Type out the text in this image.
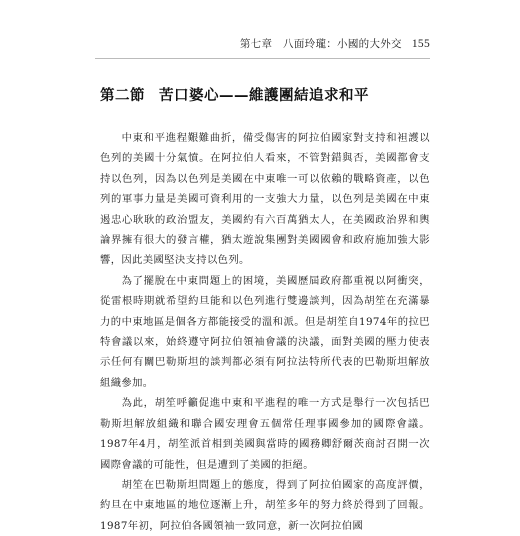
第七章　八面玲瓏：小國的大外交 155
第二節 苦口婆心——維護團結追求和平

中東和平進程艱難曲折，備受傷害的阿拉伯國家對支持和袒護以色列的美國十分氣憤。在阿拉伯人看來，不管對錯與否，美國都會支持以色列，因為以色列是美國在中東唯一可以依賴的戰略資產，以色列的軍事力量是美國可資利用的一支強大力量，以色列是美國在中東遏忠心耿耿的政治盟友，美國約有六百萬猶太人，在美國政治界和輿論界擁有很大的發言權，猶太遊說集團對美國國會和政府施加強大影響，因此美國堅決支持以色列。

為了擺脫在中東問題上的困境，美國歷屆政府都重視以阿衝突，從雷根時期就希望約旦能和以色列進行雙邊談判，因為胡笙在充滿暴力的中東地區是個各方都能接受的溫和派。但是胡笙自1974年的拉巴特會議以來，始終遵守阿拉伯領袖會議的決議，面對美國的壓力使表示任何有關巴勒斯坦的談判都必須有阿拉法特所代表的巴勒斯坦解放組織參加。

為此，胡笙呼籲促進中東和平進程的唯一方式是舉行一次包括巴勒斯坦解放組織和聯合國安理會五個常任理事國參加的國際會議。1987年4月，胡笙派首相到美國與當時的國務卿舒爾茨商討召開一次國際會議的可能性，但是遭到了美國的拒絕。

胡笙在巴勒斯坦問題上的態度，得到了阿拉伯國家的高度評價，約旦在中東地區的地位逐漸上升，胡笙多年的努力終於得到了回報。1987年初，阿拉伯各國領袖一致同意，新一次阿拉伯國
